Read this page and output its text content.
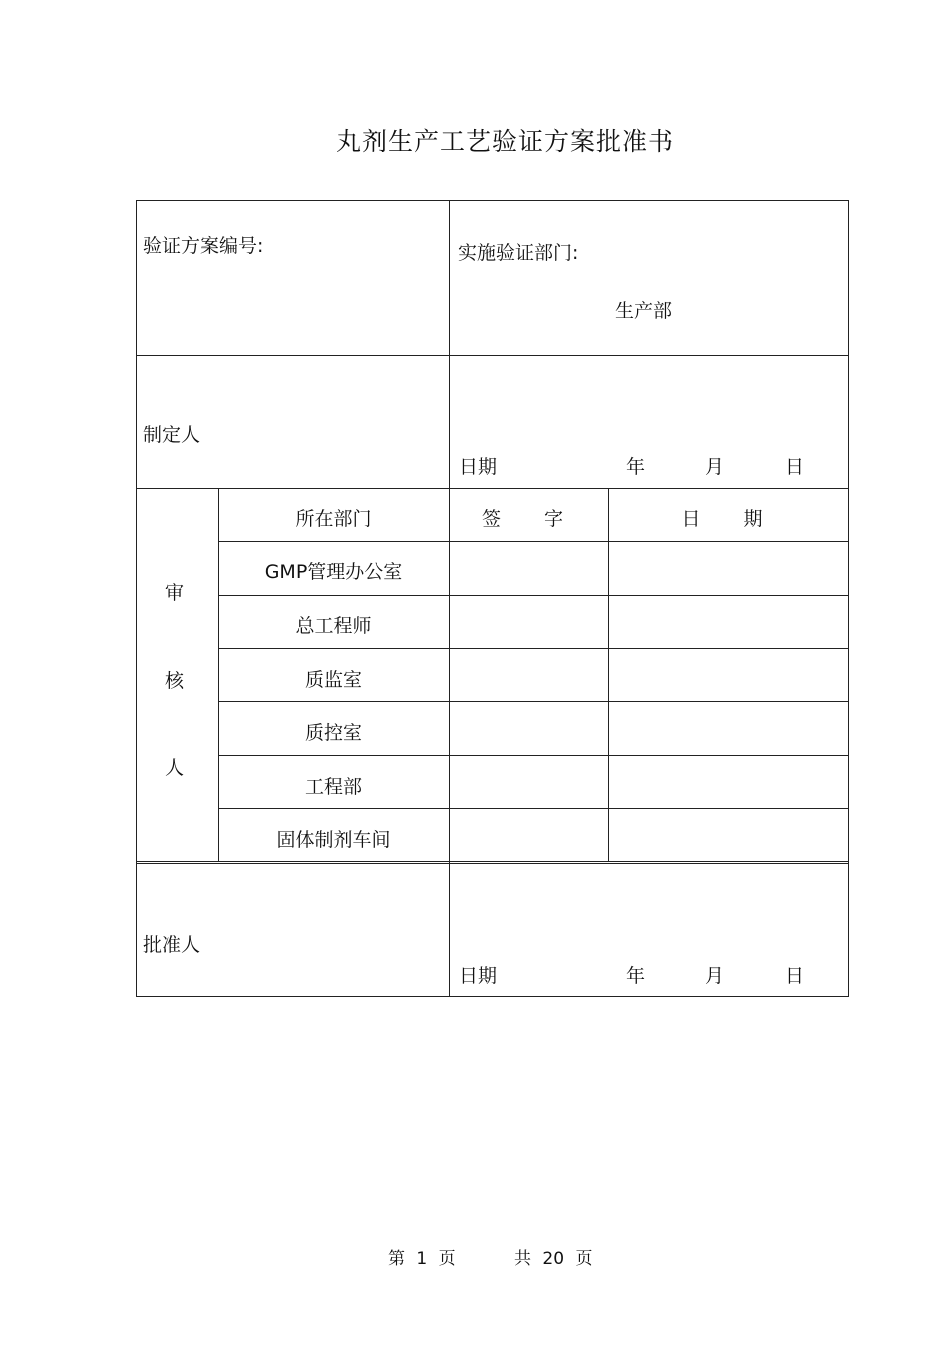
丸剂生产工艺验证方案批准书
验证方案编号:	实施验证部门:
生产部
制定人
日期	年	月	日
审
核
人
所在部门	签　字	日　期
GMP管理办公室
总工程师
质监室
质控室
工程部
固体制剂车间
批准人
日期	年	月	日
第 1 页	共 20 页
